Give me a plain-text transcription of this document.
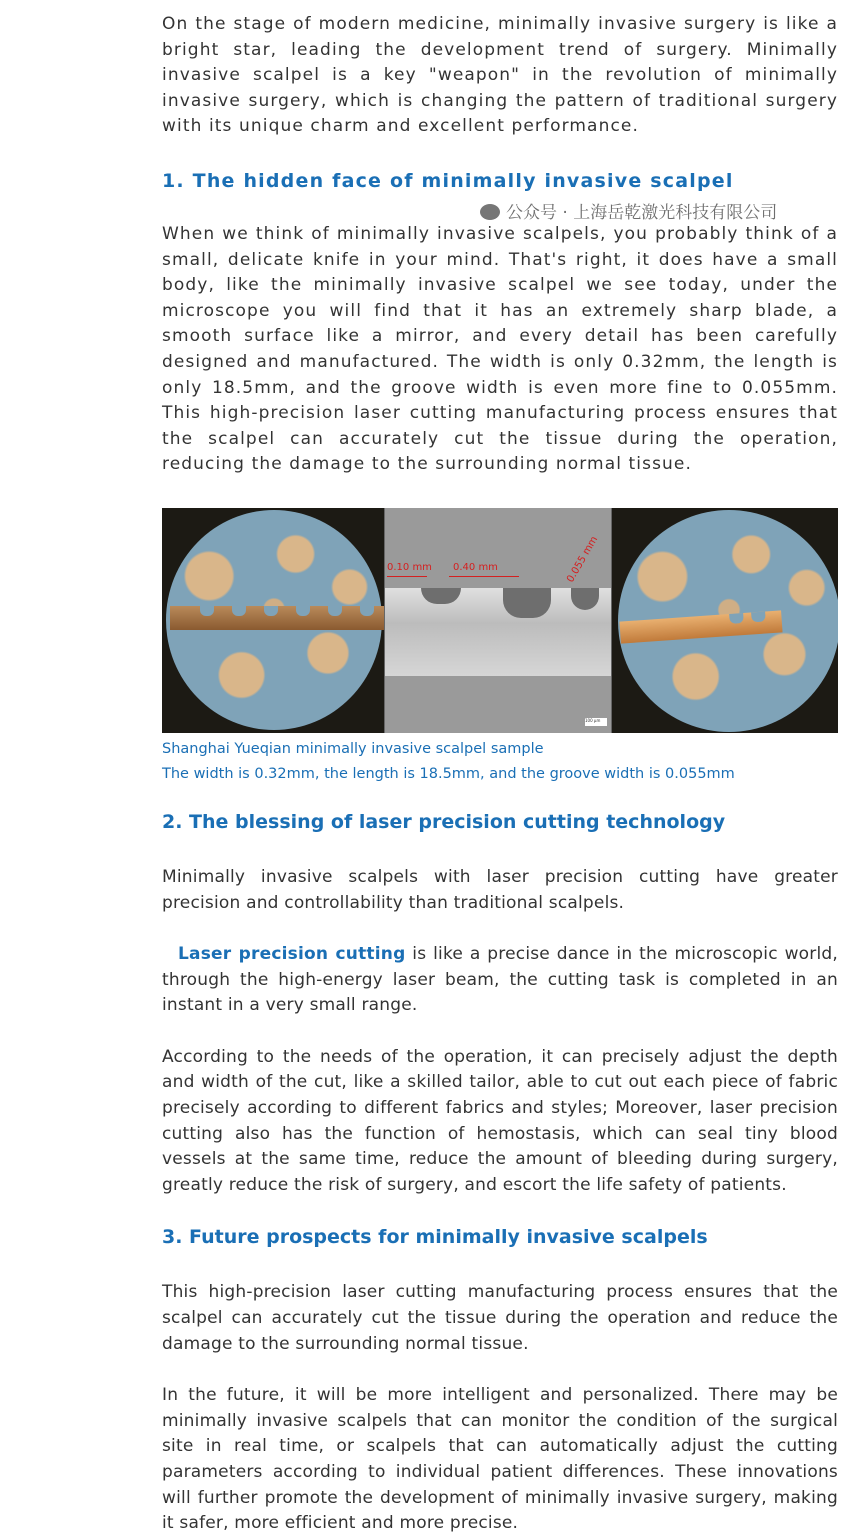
On the stage of modern medicine, minimally invasive surgery is like a bright star, leading the development trend of surgery. Minimally invasive scalpel is a key "weapon" in the revolution of minimally invasive surgery, which is changing the pattern of traditional surgery with its unique charm and excellent performance.

1. The hidden face of minimally invasive scalpel

When we think of minimally invasive scalpels, you probably think of a small, delicate knife in your mind. That's right, it does have a small body, like the minimally invasive scalpel we see today, under the microscope you will find that it has an extremely sharp blade, a smooth surface like a mirror, and every detail has been carefully designed and manufactured. The width is only 0.32mm, the length is only 18.5mm, and the groove width is even more fine to 0.055mm. This high-precision laser cutting manufacturing process ensures that the scalpel can accurately cut the tissue during the operation, reducing the damage to the surrounding normal tissue.

0.10 mm 0.40 mm	0.055 mm
100 μm
公众号 · 上海岳乾激光科技有限公司
Shanghai Yueqian minimally invasive scalpel sample
The width is 0.32mm, the length is 18.5mm, and the groove width is 0.055mm
2. The blessing of laser precision cutting technology

Minimally invasive scalpels with laser precision cutting have greater precision and controllability than traditional scalpels.

Laser precision cutting is like a precise dance in the microscopic world, through the high-energy laser beam, the cutting task is completed in an instant in a very small range.

According to the needs of the operation, it can precisely adjust the depth and width of the cut, like a skilled tailor, able to cut out each piece of fabric precisely according to different fabrics and styles; Moreover, laser precision cutting also has the function of hemostasis, which can seal tiny blood vessels at the same time, reduce the amount of bleeding during surgery, greatly reduce the risk of surgery, and escort the life safety of patients.

3. Future prospects for minimally invasive scalpels

This high-precision laser cutting manufacturing process ensures that the scalpel can accurately cut the tissue during the operation and reduce the damage to the surrounding normal tissue.

In the future, it will be more intelligent and personalized. There may be minimally invasive scalpels that can monitor the condition of the surgical site in real time, or scalpels that can automatically adjust the cutting parameters according to individual patient differences. These innovations will further promote the development of minimally invasive surgery, making it safer, more efficient and more precise.
